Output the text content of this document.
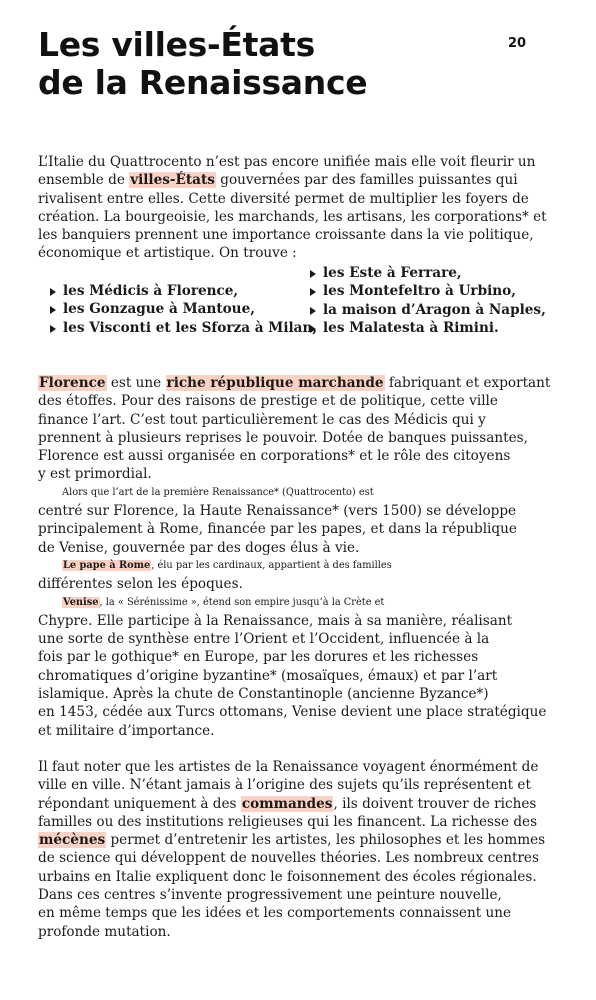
20
Les villes-États
de la Renaissance
L’Italie du Quattrocento n’est pas encore unifiée mais elle voit fleurir un
ensemble de villes-États gouvernées par des familles puissantes qui
rivalisent entre elles. Cette diversité permet de multiplier les foyers de
création. La bourgeoisie, les marchands, les artisans, les corporations* et
les banquiers prennent une importance croissante dans la vie politique,
économique et artistique. On trouve :
les Médicis à Florence,
les Gonzague à Mantoue,
les Visconti et les Sforza à Milan,
les Este à Ferrare,
les Montefeltro à Urbino,
la maison d’Aragon à Naples,
les Malatesta à Rimini.
Florence est une riche république marchande fabriquant et exportant
des étoffes. Pour des raisons de prestige et de politique, cette ville
finance l’art. C’est tout particulièrement le cas des Médicis qui y
prennent à plusieurs reprises le pouvoir. Dotée de banques puissantes,
Florence est aussi organisée en corporations* et le rôle des citoyens
y est primordial.
Alors que l’art de la première Renaissance* (Quattrocento) est
centré sur Florence, la Haute Renaissance* (vers 1500) se développe
principalement à Rome, financée par les papes, et dans la république
de Venise, gouvernée par des doges élus à vie.
Le pape à Rome, élu par les cardinaux, appartient à des familles
différentes selon les époques.
Venise, la « Sérénissime », étend son empire jusqu’à la Crète et
Chypre. Elle participe à la Renaissance, mais à sa manière, réalisant
une sorte de synthèse entre l’Orient et l’Occident, influencée à la
fois par le gothique* en Europe, par les dorures et les richesses
chromatiques d’origine byzantine* (mosaïques, émaux) et par l’art
islamique. Après la chute de Constantinople (ancienne Byzance*)
en 1453, cédée aux Turcs ottomans, Venise devient une place stratégique
et militaire d’importance.
Il faut noter que les artistes de la Renaissance voyagent énormément de
ville en ville. N’étant jamais à l’origine des sujets qu’ils représentent et
répondant uniquement à des commandes, ils doivent trouver de riches
familles ou des institutions religieuses qui les financent. La richesse des
mécènes permet d’entretenir les artistes, les philosophes et les hommes
de science qui développent de nouvelles théories. Les nombreux centres
urbains en Italie expliquent donc le foisonnement des écoles régionales.
Dans ces centres s’invente progressivement une peinture nouvelle,
en même temps que les idées et les comportements connaissent une
profonde mutation.
